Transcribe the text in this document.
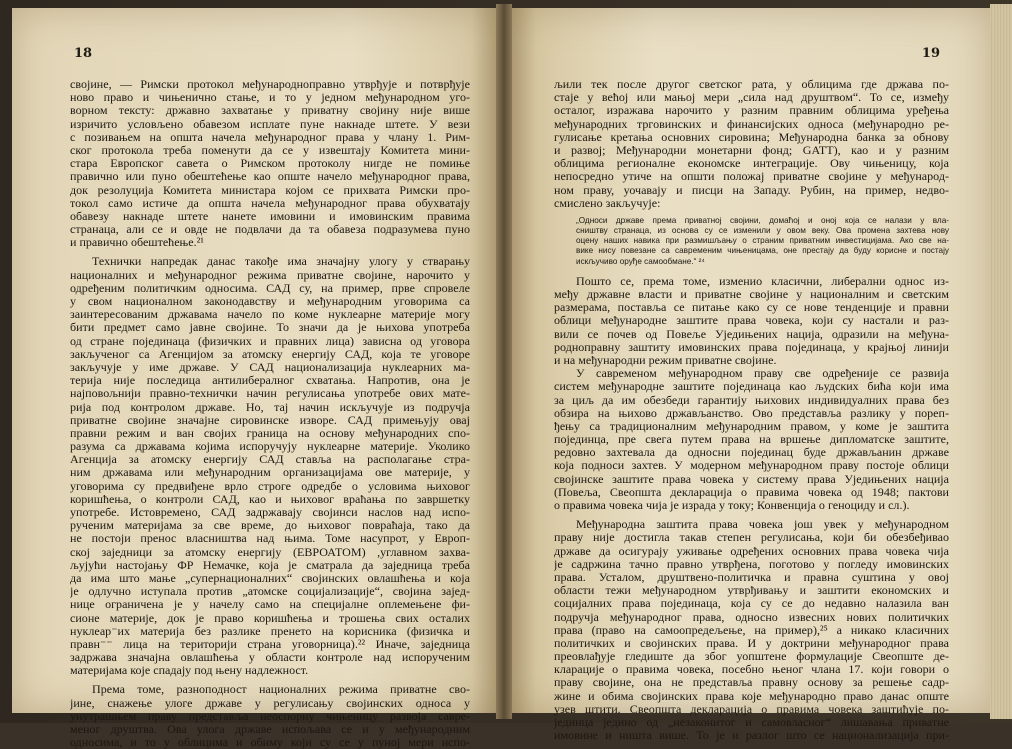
18
својине, — Римски протокол међународноправно утврђује и потврђује
ново право и чињенично стање, и то у једном међународном уго-
ворном тексту: државно захватање у приватну својину није више
изричито условљено обавезом исплате пуне накнаде штете. У вези
с позивањем на општа начела међународног права у члану 1. Рим-
ског протокола треба поменути да се у извештају Комитета мини-
стара Европског савета о Римском протоколу нигде не помиње
правично или пуно обештећење као опште начело међународног права,
док резолуција Комитета министара којом се прихвата Римски про-
токол само истиче да општа начела међународног права обухватају
обавезу накнаде штете нанете имовини и имовинским правима
странаца, али се и овде не подвлачи да та обавеза подразумева пуно
и правично обештећење.²¹
Технички напредак данас такође има значајну улогу у стварању
националних и међународног режима приватне својине, нарочито у
одређеним политичким односима. САД су, на пример, прве спровеле
у свом националном законодавству и међународним уговорима са
заинтересованим државама начело по коме нуклеарне материје могу
бити предмет само јавне својине. То значи да је њихова употреба
од стране појединаца (физичких и правних лица) зависна од уговора
закљученог са Агенцијом за атомску енергију САД, која те уговоре
закључује у име државе. У САД национализација нуклеарних ма-
терија није последица антилибералног схватања. Напротив, она је
најповољнији правно-технички начин регулисања употребе ових мате-
рија под контролом државе. Но, тај начин искључује из подручја
приватне својине значајне сировинске изворе. САД примењују овај
правни режим и ван својих граница на основу међународних спо-
разума са државама којима испоручују нуклеарне материје. Уколико
Агенција за атомску енергију САД ставља на располагање стра-
ним државама или међународним организацијама ове материје, у
уговорима су предвиђене врло строге одредбе о условима њиховог
коришћења, о контроли САД, као и њиховог враћања по завршетку
употребе. Истовремено, САД задржавају својинси наслов над испо-
рученим материјама за све време, до њиховог повраћаја, тако да
не постоји пренос власништва над њима. Томе насупрот, у Европ-
ској заједници за атомску енергију (ЕВРОАТОМ) ,углавном захва-
љујући настојању ФР Немачке, која је сматрала да заједница треба
да има што мање „супернационалних“ својинских овлашћења и која
је одлучно иступала против „атомске социјализације“, својина зајед-
нице ограничена је у начелу само на специјалне оплемењене фи-
сионе материје, док је право коришћења и трошења свих осталих
нуклеар⁻их материја без разлике пренето на корисника (физичка и
правн⁻⁻ лица на територији страна уговорница).²² Иначе, заједница
задржава значајна овлашћења у области контроле над испорученим
материјама које спадају под њену надлежност.
Према томе, разноподност националних режима приватне сво-
јине, снажење улоге државе у регулисању својинских односа у
унутрашњем праву представља неоспорну чињеницу развоја савре-
меног друштва. Ова улога државе испољава се и у међународним
односима, и то у облицима и обиму који су се у пуној мери испо-
19
љили тек после другог светског рата, у облицима где држава по-
стаје у већој или мањој мери „сила над друштвом“. То се, између
осталог, изражава нарочито у разним правним облицима уређења
међународних трговинских и финансијских односа (међународно ре-
гулисање кретања основних сировина; Међународна банка за обнову
и развој; Међународни монетарни фонд; GATT), као и у разним
облицима регионалне економске интеграције. Ову чињеницу, која
непосредно утиче на општи положај приватне својине у међународ-
ном праву, уочавају и писци на Западу. Рубин, на пример, недво-
смислено закључује:
„Односи државе према приватној својини, домаћој и оној која се налази у вла-
сништву странаца, из основа су се изменили у овом веку. Ова промена захтева нову
оцену наших навика при размишљању о страним приватним инвестицијама. Ако све на-
вике нису повезане са савременим чињеницама, оне престају да буду корисне и постају
искључиво оруђе самообмане.“ ²⁴
Пошто се, према томе, изменио класични, либерални однос из-
међу државне власти и приватне својине у националним и светским
размерама, постављa се питање како су се нове тенденције и правни
облици међународне заштите права човека, који су настали и раз-
вили се почев од Повеље Уједињених нација, одразили на међуна-
родноправну заштиту имовинских права појединаца, у крајњој линији
и на међународни режим приватне својине.
У савременом међународном праву све одређеније се развија
систем међународне заштите појединаца као људских бића који има
за циљ да им обезбеди гарантију њихових индивидуалних права без
обзира на њихово држављанство. Ово представља разлику у пореп-
ђењу са традиционалним међународним правом, у коме је заштита
појединца, пре свега путем права на вршење дипломатске заштите,
редовно захтевала да односни појединац буде држављанин државе
која подноси захтев. У модерном међународном праву постоје облици
својинске заштите права човека у систему права Уједињених нација
(Повеља, Свеопшта декларација о правима човека од 1948; пактови
о правима човека чија је израда у току; Конвенција о геноциду и сл.).
Међународна заштита права човека још увек у међународном
праву није достигла такав степен регулисања, који би обезбеђивао
државе да осигурају уживање одређених основних права човека чија
је садржина тачно правно утврђена, поготово у погледу имовинских
права. Усталом, друштвено-политичка и правна суштина у овој
области тежи међународном утврђивању и заштити економских и
социјалних права појединаца, која су се до недавно налазила ван
подручја међународног права, односно извесних нових политичких
права (право на самоопредељење, на пример),²⁵ а никако класичних
политичких и својинских права. И у доктрини међународног права
преовлађује гледиште да због уопштене формулације Свеопште де-
кларације о правима човека, посебно њеног члана 17. који говори о
праву својине, она не представља правну основу за решење садр-
жине и обима својинских права које међународно право данас опште
узев штити. Свеопшта декларација о правима човека заштићује по-
јединца једино од „незаконитог и самовласног“ лишавања приватне
имовине и ништа више. То је и разлог што се национализација при-
